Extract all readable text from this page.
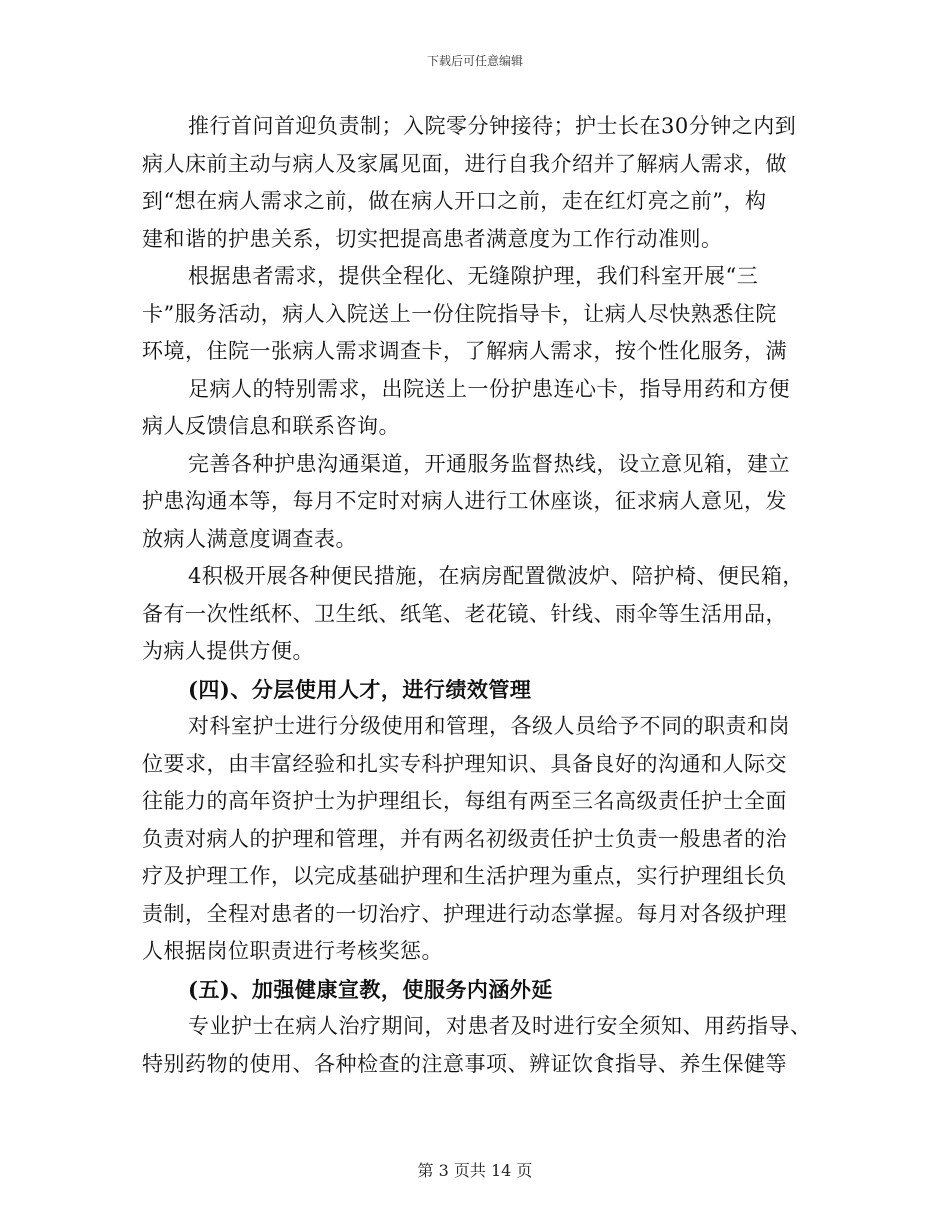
下载后可任意编辑
推行首问首迎负责制；入院零分钟接待；护士长在30分钟之内到
病人床前主动与病人及家属见面，进行自我介绍并了解病人需求，做
到“想在病人需求之前，做在病人开口之前，走在红灯亮之前”，构
建和谐的护患关系，切实把提高患者满意度为工作行动准则。
根据患者需求，提供全程化、无缝隙护理，我们科室开展“三
卡”服务活动，病人入院送上一份住院指导卡，让病人尽快熟悉住院
环境，住院一张病人需求调查卡，了解病人需求，按个性化服务，满
足病人的特别需求，出院送上一份护患连心卡，指导用药和方便
病人反馈信息和联系咨询。
完善各种护患沟通渠道，开通服务监督热线，设立意见箱，建立
护患沟通本等，每月不定时对病人进行工休座谈，征求病人意见，发
放病人满意度调查表。
4积极开展各种便民措施，在病房配置微波炉、陪护椅、便民箱，
备有一次性纸杯、卫生纸、纸笔、老花镜、针线、雨伞等生活用品，
为病人提供方便。
(四)、分层使用人才，进行绩效管理
对科室护士进行分级使用和管理，各级人员给予不同的职责和岗
位要求，由丰富经验和扎实专科护理知识、具备良好的沟通和人际交
往能力的高年资护士为护理组长，每组有两至三名高级责任护士全面
负责对病人的护理和管理，并有两名初级责任护士负责一般患者的治
疗及护理工作，以完成基础护理和生活护理为重点，实行护理组长负
责制，全程对患者的一切治疗、护理进行动态掌握。每月对各级护理
人根据岗位职责进行考核奖惩。
(五)、加强健康宣教，使服务内涵外延
专业护士在病人治疗期间，对患者及时进行安全须知、用药指导、
特别药物的使用、各种检查的注意事项、辨证饮食指导、养生保健等
第 3 页共 14 页
